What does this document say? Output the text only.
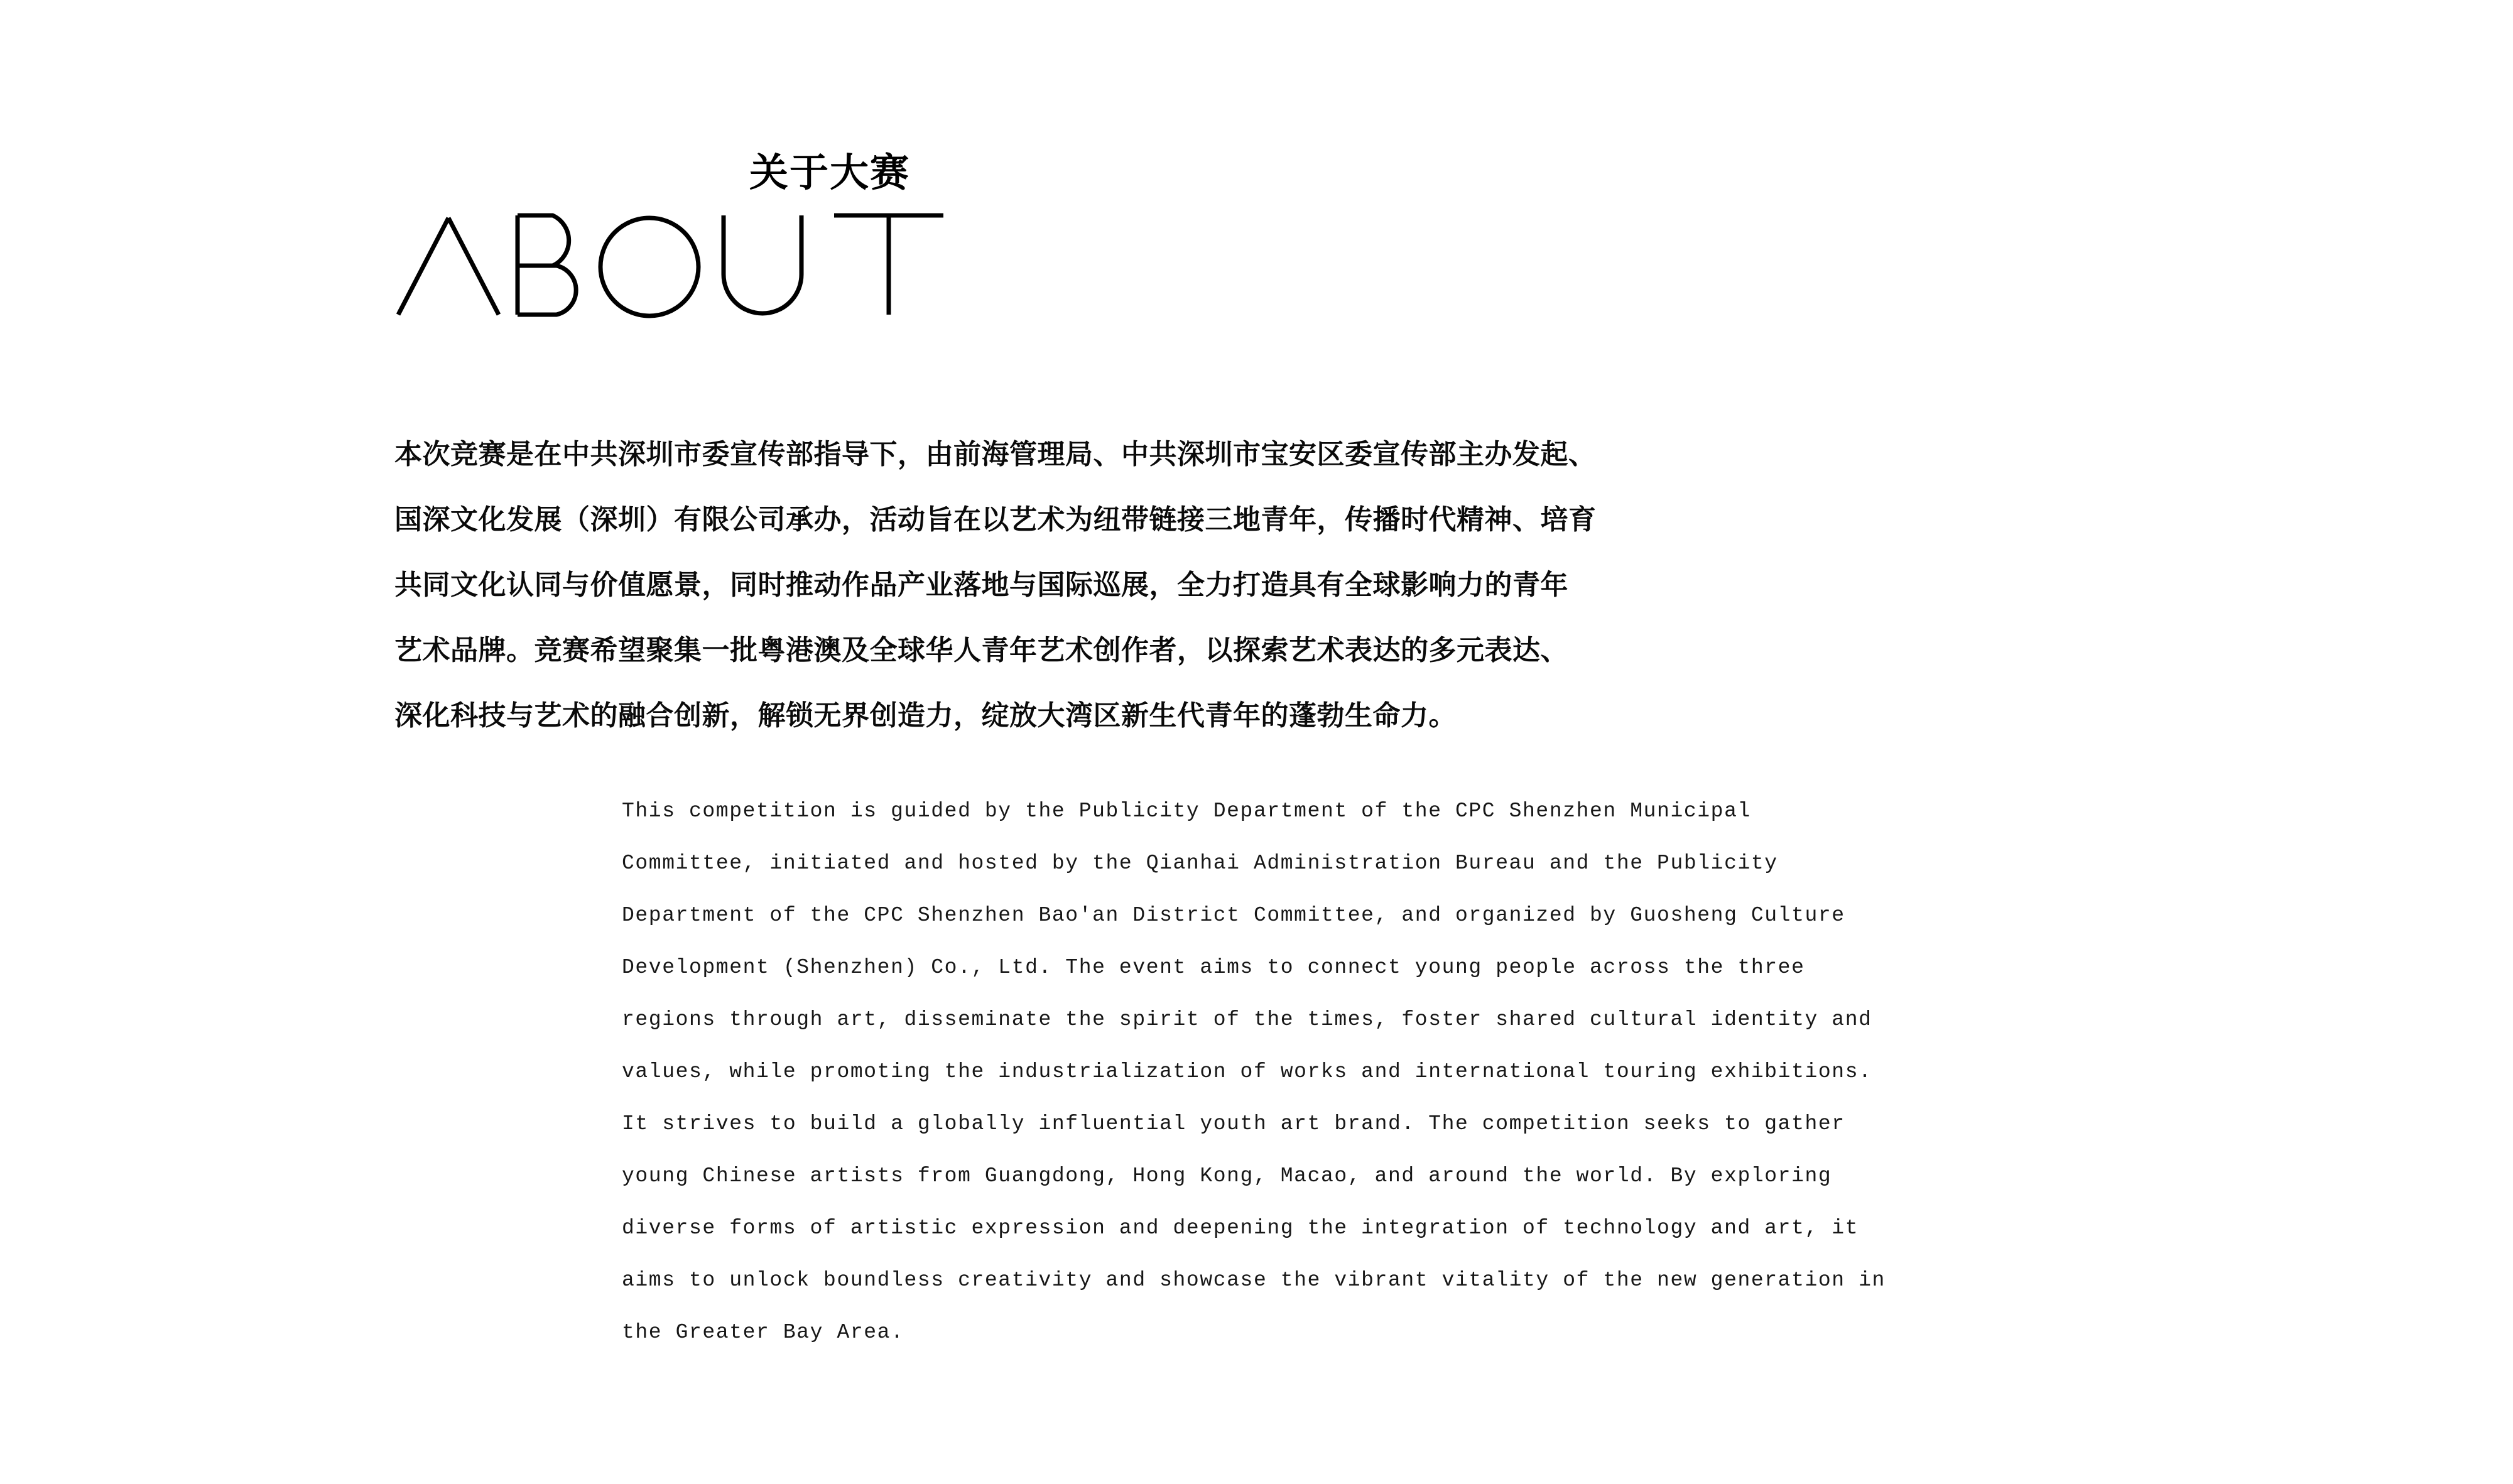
关于大赛
本次竞赛是在中共深圳市委宣传部指导下，由前海管理局、中共深圳市宝安区委宣传部主办发起、
国深文化发展（深圳）有限公司承办，活动旨在以艺术为纽带链接三地青年，传播时代精神、培育
共同文化认同与价值愿景，同时推动作品产业落地与国际巡展，全力打造具有全球影响力的青年
艺术品牌。竞赛希望聚集一批粤港澳及全球华人青年艺术创作者，以探索艺术表达的多元表达、
深化科技与艺术的融合创新，解锁无界创造力，绽放大湾区新生代青年的蓬勃生命力。
This competition is guided by the Publicity Department of the CPC Shenzhen Municipal
Committee, initiated and hosted by the Qianhai Administration Bureau and the Publicity
Department of the CPC Shenzhen Bao'an District Committee, and organized by Guosheng Culture
Development (Shenzhen) Co., Ltd. The event aims to connect young people across the three
regions through art, disseminate the spirit of the times, foster shared cultural identity and
values, while promoting the industrialization of works and international touring exhibitions.
It strives to build a globally influential youth art brand. The competition seeks to gather
young Chinese artists from Guangdong, Hong Kong, Macao, and around the world. By exploring
diverse forms of artistic expression and deepening the integration of technology and art, it
aims to unlock boundless creativity and showcase the vibrant vitality of the new generation in
the Greater Bay Area.
